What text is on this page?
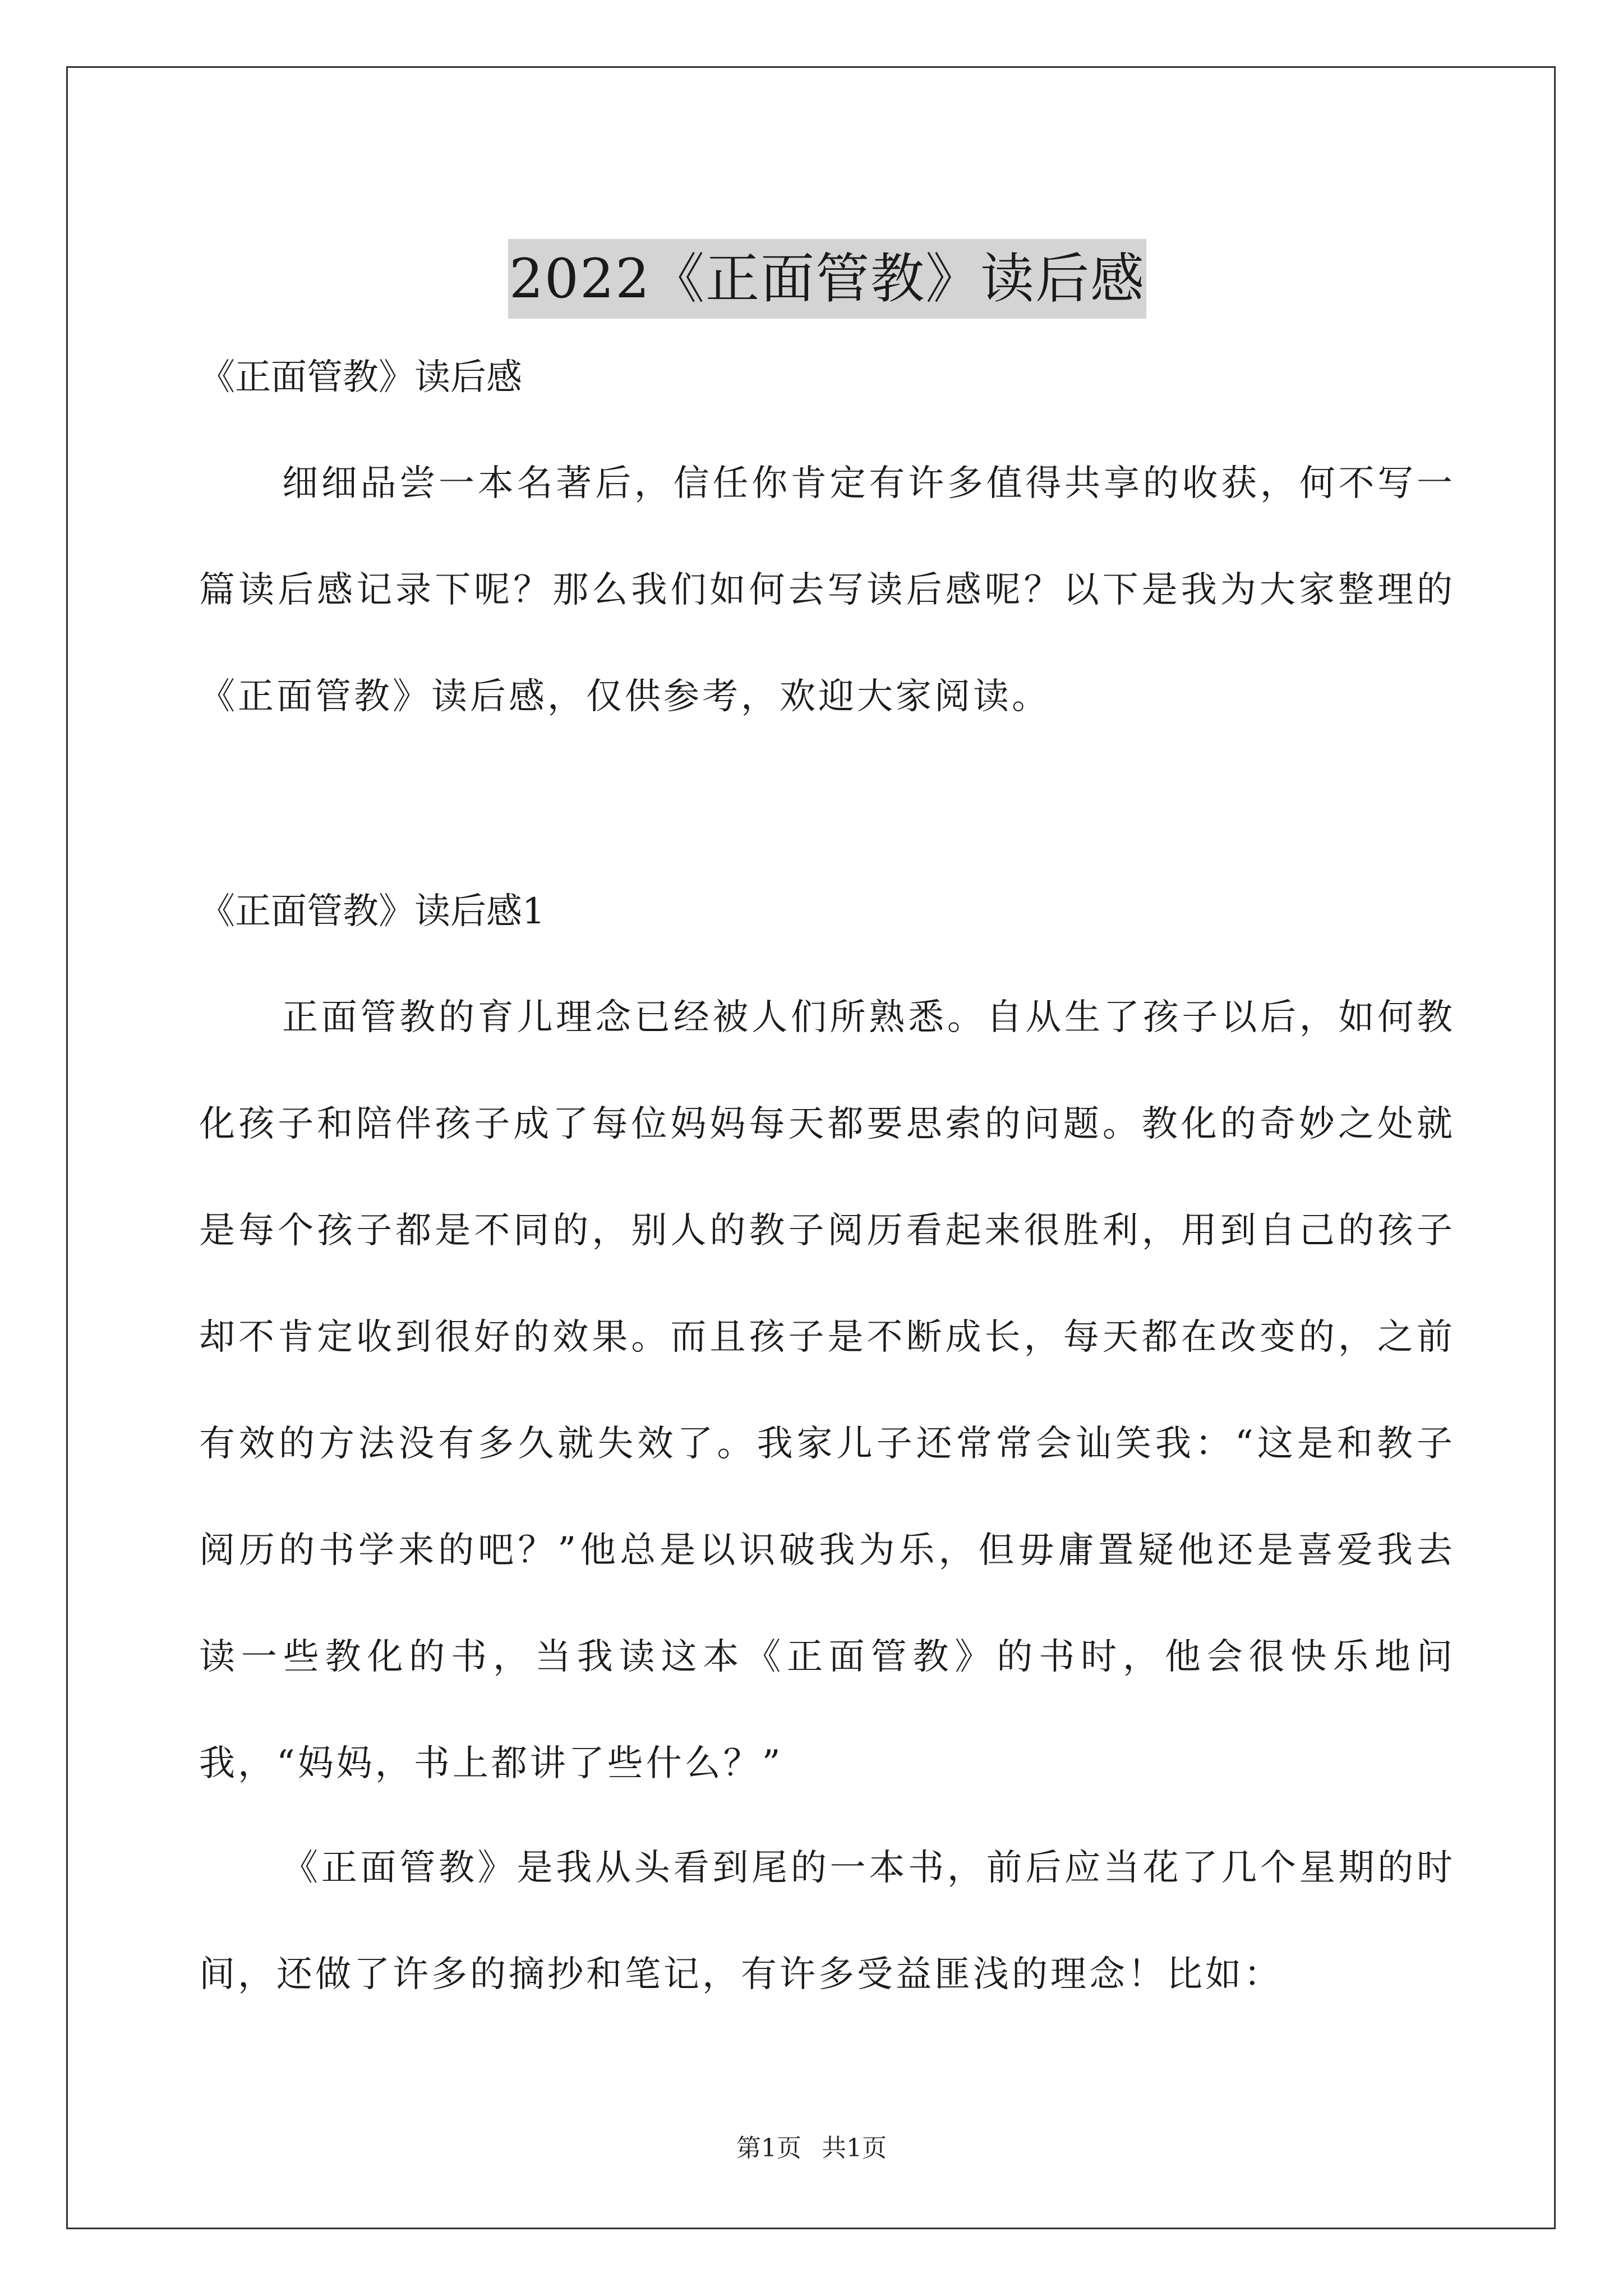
2022《正面管教》读后感
《正面管教》读后感

细细品尝一本名著后，信任你肯定有许多值得共享的收获，何不写一篇读后感记录下呢？那么我们如何去写读后感呢？以下是我为大家整理的《正面管教》读后感，仅供参考，欢迎大家阅读。

《正面管教》读后感1

正面管教的育儿理念已经被人们所熟悉。自从生了孩子以后，如何教化孩子和陪伴孩子成了每位妈妈每天都要思索的问题。教化的奇妙之处就是每个孩子都是不同的，别人的教子阅历看起来很胜利，用到自己的孩子却不肯定收到很好的效果。而且孩子是不断成长，每天都在改变的，之前有效的方法没有多久就失效了。我家儿子还常常会讪笑我：“这是和教子阅历的书学来的吧？”他总是以识破我为乐，但毋庸置疑他还是喜爱我去读一些教化的书，当我读这本《正面管教》的书时，他会很快乐地问我，“妈妈，书上都讲了些什么？”

《正面管教》是我从头看到尾的一本书，前后应当花了几个星期的时间，还做了许多的摘抄和笔记，有许多受益匪浅的理念！比如：

第1页 共1页
